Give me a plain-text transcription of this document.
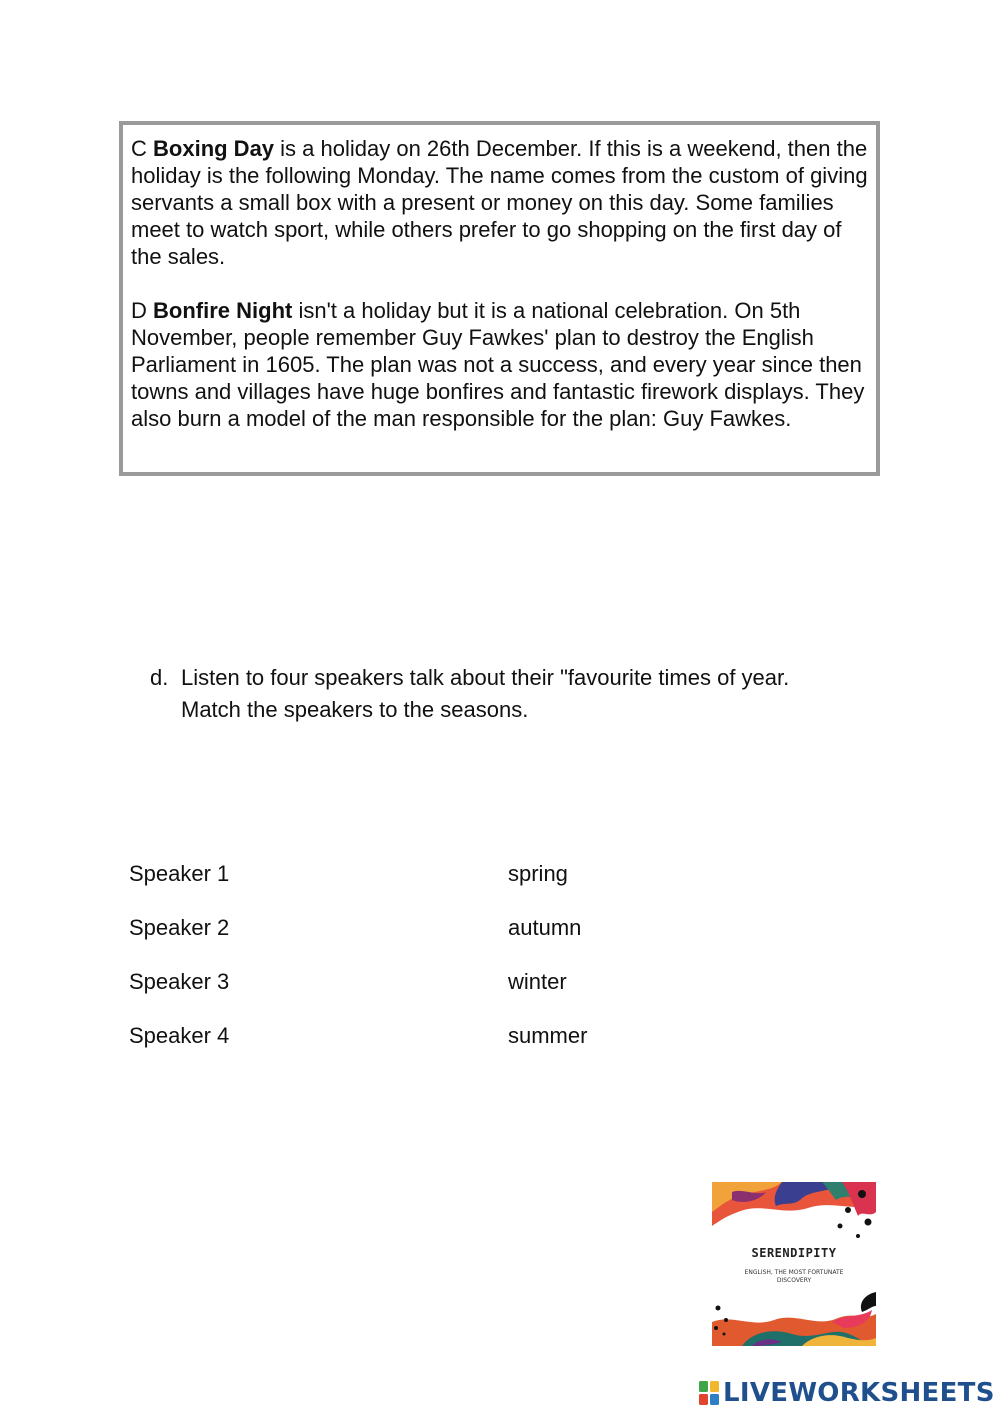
C Boxing Day is a holiday on 26th December. If this is a weekend, then the holiday is the following Monday. The name comes from the custom of giving servants a small box with a present or money on this day. Some families meet to watch sport, while others prefer to go shopping on the first day of the sales.

D Bonfire Night isn't a holiday but it is a national celebration. On 5th November, people remember Guy Fawkes' plan to destroy the English Parliament in 1605. The plan was not a success, and every year since then towns and villages have huge bonfires and fantastic firework displays. They also burn a model of the man responsible for the plan: Guy Fawkes.

d. Listen to four speakers talk about their "favourite times of year.
Match the speakers to the seasons.
Speaker 1	spring
Speaker 2	autumn
Speaker 3	winter
Speaker 4	summer
SERENDIPITY
ENGLISH, THE MOST FORTUNATE DISCOVERY
LIVEWORKSHEETS
